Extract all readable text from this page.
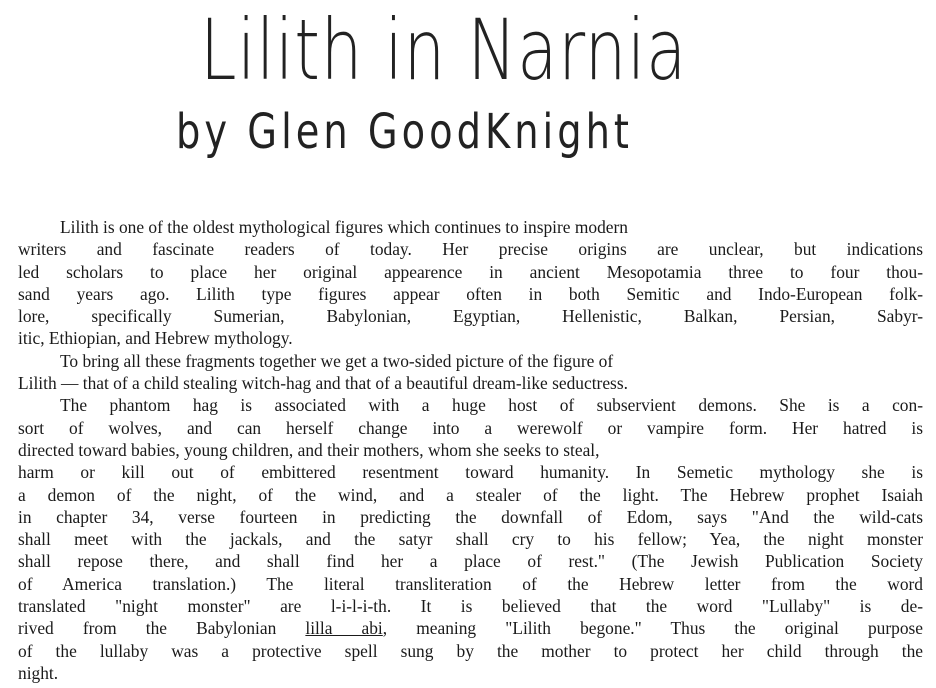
Lilith in Narnia
by Glen GoodKnight
Lilith is one of the oldest mythological figures which continues to inspire modern
writers and fascinate readers of today. Her precise origins are unclear, but indications
led scholars to place her original appearence in ancient Mesopotamia three to four thou-
sand years ago. Lilith type figures appear often in both Semitic and Indo-European folk-
lore, specifically Sumerian, Babylonian, Egyptian, Hellenistic, Balkan, Persian, Sabyr-
itic, Ethiopian, and Hebrew mythology.
To bring all these fragments together we get a two-sided picture of the figure of
Lilith — that of a child stealing witch-hag and that of a beautiful dream-like seductress.
The phantom hag is associated with a huge host of subservient demons. She is a con-
sort of wolves, and can herself change into a werewolf or vampire form. Her hatred is
directed toward babies, young children, and their mothers, whom she seeks to steal,
harm or kill out of embittered resentment toward humanity. In Semetic mythology she is
a demon of the night, of the wind, and a stealer of the light. The Hebrew prophet Isaiah
in chapter 34, verse fourteen in predicting the downfall of Edom, says "And the wild-cats
shall meet with the jackals, and the satyr shall cry to his fellow; Yea, the night monster
shall repose there, and shall find her a place of rest." (The Jewish Publication Society
of America translation.) The literal transliteration of the Hebrew letter from the word
translated "night monster" are l-i-l-i-th. It is believed that the word "Lullaby" is de-
rived from the Babylonian lilla abi, meaning "Lilith begone." Thus the original purpose
of the lullaby was a protective spell sung by the mother to protect her child through the
night.
